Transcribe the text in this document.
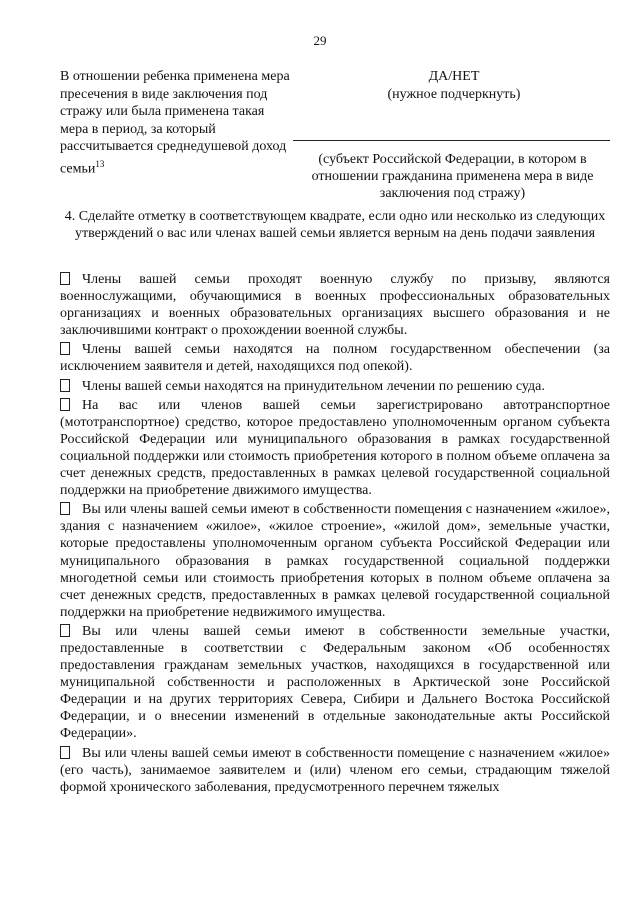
29
В отношении ребенка применена мера пресечения в виде заключения под стражу или была применена такая мера в период, за который рассчитывается среднедушевой доход семьи$^{13}$
ДА/НЕТ
(нужное подчеркнуть)
(субъект Российской Федерации, в котором в отношении гражданина применена мера в виде заключения под стражу)
4. Сделайте отметку в соответствующем квадрате, если одно или несколько из следующих утверждений о вас или членах вашей семьи является верным на день подачи заявления

Члены вашей семьи проходят военную службу по призыву, являются военнослужащими, обучающимися в военных профессиональных образовательных организациях и военных образовательных организациях высшего образования и не заключившими контракт о прохождении военной службы.

Члены вашей семьи находятся на полном государственном обеспечении (за исключением заявителя и детей, находящихся под опекой).

Члены вашей семьи находятся на принудительном лечении по решению суда.

На вас или членов вашей семьи зарегистрировано автотранспортное (мототранспортное) средство, которое предоставлено уполномоченным органом субъекта Российской Федерации или муниципального образования в рамках государственной социальной поддержки или стоимость приобретения которого в полном объеме оплачена за счет денежных средств, предоставленных в рамках целевой государственной социальной поддержки на приобретение движимого имущества.

Вы или члены вашей семьи имеют в собственности помещения с назначением «жилое», здания с назначением «жилое», «жилое строение», «жилой дом», земельные участки, которые предоставлены уполномоченным органом субъекта Российской Федерации или муниципального образования в рамках государственной социальной поддержки многодетной семьи или стоимость приобретения которых в полном объеме оплачена за счет денежных средств, предоставленных в рамках целевой государственной социальной поддержки на приобретение недвижимого имущества.

Вы или члены вашей семьи имеют в собственности земельные участки, предоставленные в соответствии с Федеральным законом «Об особенностях предоставления гражданам земельных участков, находящихся в государственной или муниципальной собственности и расположенных в Арктической зоне Российской Федерации и на других территориях Севера, Сибири и Дальнего Востока Российской Федерации, и о внесении изменений в отдельные законодательные акты Российской Федерации».

Вы или члены вашей семьи имеют в собственности помещение с назначением «жилое» (его часть), занимаемое заявителем и (или) членом его семьи, страдающим тяжелой формой хронического заболевания, предусмотренного перечнем тяжелых
